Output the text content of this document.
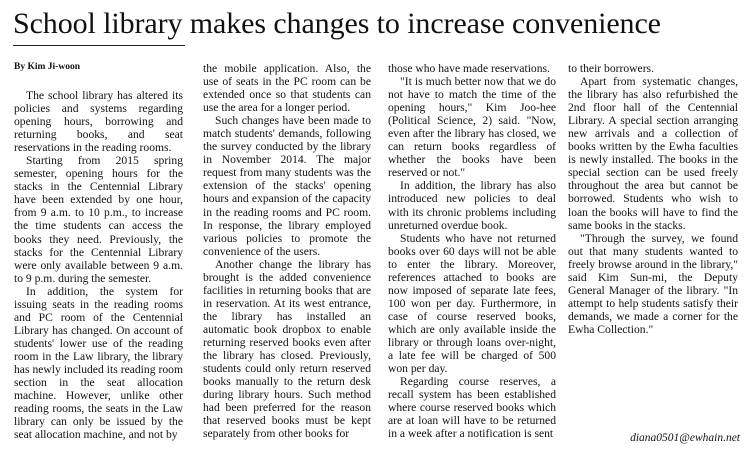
School library makes changes to increase convenience
By Kim Ji-woon

The school library has altered its policies and systems regarding opening hours, borrowing and returning books, and seat reservations in the reading rooms.

Starting from 2015 spring semester, opening hours for the stacks in the Centennial Library have been extended by one hour, from 9 a.m. to 10 p.m., to increase the time students can access the books they need. Previously, the stacks for the Centennial Library were only available between 9 a.m. to 9 p.m. during the semester.

In addition, the system for issuing seats in the reading rooms and PC room of the Centennial Library has changed. On account of students' lower use of the reading room in the Law library, the library has newly included its reading room section in the seat allocation machine. However, unlike other reading rooms, the seats in the Law library can only be issued by the seat allocation machine, and not by

the mobile application. Also, the use of seats in the PC room can be extended once so that students can use the area for a longer period.

Such changes have been made to match students' demands, following the survey conducted by the library in November 2014. The major request from many students was the extension of the stacks' opening hours and expansion of the capacity in the reading rooms and PC room. In response, the library employed various policies to promote the convenience of the users.

Another change the library has brought is the added convenience facilities in returning books that are in reservation. At its west entrance, the library has installed an automatic book dropbox to enable returning reserved books even after the library has closed. Previously, students could only return reserved books manually to the return desk during library hours. Such method had been preferred for the reason that reserved books must be kept separately from other books for

those who have made reservations.

"It is much better now that we do not have to match the time of the opening hours," Kim Joo-hee (Political Science, 2) said. "Now, even after the library has closed, we can return books regardless of whether the books have been reserved or not."

In addition, the library has also introduced new policies to deal with its chronic problems including unreturned overdue book.

Students who have not returned books over 60 days will not be able to enter the library. Moreover, references attached to books are now imposed of separate late fees, 100 won per day. Furthermore, in case of course reserved books, which are only available inside the library or through loans over-night, a late fee will be charged of 500 won per day.

Regarding course reserves, a recall system has been established where course reserved books which are at loan will have to be returned in a week after a notification is sent

to their borrowers.

Apart from systematic changes, the library has also refurbished the 2nd floor hall of the Centennial Library. A special section arranging new arrivals and a collection of books written by the Ewha faculties is newly installed. The books in the special section can be used freely throughout the area but cannot be borrowed. Students who wish to loan the books will have to find the same books in the stacks.

"Through the survey, we found out that many students wanted to freely browse around in the library," said Kim Sun-mi, the Deputy General Manager of the library. "In attempt to help students satisfy their demands, we made a corner for the Ewha Collection."

diana0501@ewhain.net
